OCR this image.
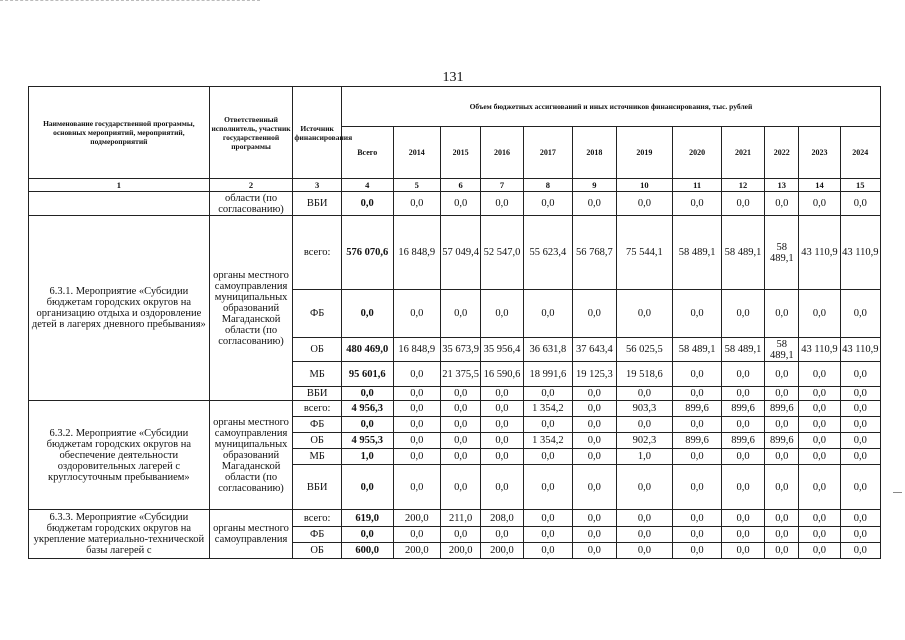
131
Наименование государственной программы, основных мероприятий, мероприятий, подмероприятий	Ответственный исполнитель, участник государственной программы	Источник финансирования	Объем бюджетных ассигнований и иных источников финансирования, тыс. рублей											
			Всего	2014	2015	2016	2017	2018	2019	2020	2021	2022	2023	2024
1	2	3	4	5	6	7	8	9	10	11	12	13	14	15
	области (по согласованию)	ВБИ	0,0	0,0	0,0	0,0	0,0	0,0	0,0	0,0	0,0	0,0	0,0	0,0
6.3.1. Мероприятие «Субсидии бюджетам городских округов на организацию отдыха и оздоровление детей в лагерях дневного пребывания»	органы местного самоуправления муниципальных образований Магаданской области (по согласованию)	всего:	576 070,6	16 848,9	57 049,4	52 547,0	55 623,4	56 768,7	75 544,1	58 489,1	58 489,1	58 489,1	43 110,9	43 110,9
		ФБ	0,0	0,0	0,0	0,0	0,0	0,0	0,0	0,0	0,0	0,0	0,0	0,0
		ОБ	480 469,0	16 848,9	35 673,9	35 956,4	36 631,8	37 643,4	56 025,5	58 489,1	58 489,1	58 489,1	43 110,9	43 110,9
		МБ	95 601,6	0,0	21 375,5	16 590,6	18 991,6	19 125,3	19 518,6	0,0	0,0	0,0	0,0	0,0
		ВБИ	0,0	0,0	0,0	0,0	0,0	0,0	0,0	0,0	0,0	0,0	0,0	0,0
6.3.2. Мероприятие «Субсидии бюджетам городских округов на обеспечение деятельности оздоровительных лагерей с круглосуточным пребыванием»	органы местного самоуправления муниципальных образований Магаданской области (по согласованию)	всего:	4 956,3	0,0	0,0	0,0	1 354,2	0,0	903,3	899,6	899,6	899,6	0,0	0,0
		ФБ	0,0	0,0	0,0	0,0	0,0	0,0	0,0	0,0	0,0	0,0	0,0	0,0
		ОБ	4 955,3	0,0	0,0	0,0	1 354,2	0,0	902,3	899,6	899,6	899,6	0,0	0,0
		МБ	1,0	0,0	0,0	0,0	0,0	0,0	1,0	0,0	0,0	0,0	0,0	0,0
		ВБИ	0,0	0,0	0,0	0,0	0,0	0,0	0,0	0,0	0,0	0,0	0,0	0,0
6.3.3. Мероприятие «Субсидии бюджетам городских округов на укрепление материально-технической базы лагерей с	органы местного самоуправления	всего:	619,0	200,0	211,0	208,0	0,0	0,0	0,0	0,0	0,0	0,0	0,0	0,0
		ФБ	0,0	0,0	0,0	0,0	0,0	0,0	0,0	0,0	0,0	0,0	0,0	0,0
		ОБ	600,0	200,0	200,0	200,0	0,0	0,0	0,0	0,0	0,0	0,0	0,0	0,0
